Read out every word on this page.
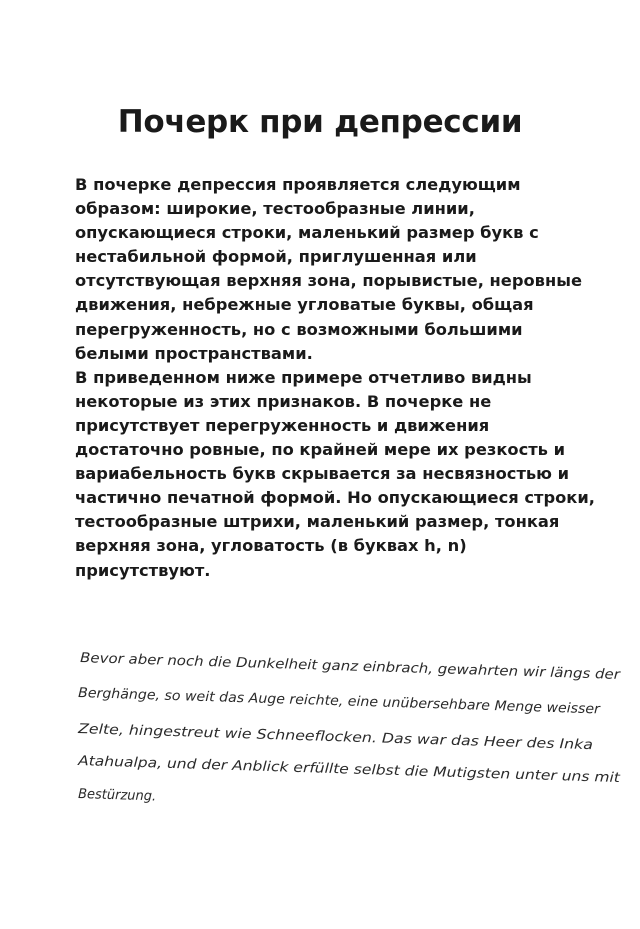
Почерк при депрессии

В почерке депрессия проявляется следующим образом: широкие, тестообразные линии, опускающиеся строки, маленький размер букв с нестабильной формой, приглушенная или отсутствующая верхняя зона, порывистые, неровные движения, небрежные угловатые буквы, общая перегруженность, но с возможными большими белыми пространствами.

В приведенном ниже примере отчетливо видны некоторые из этих признаков. В почерке не присутствует перегруженность и движения достаточно ровные, по крайней мере их резкость и вариабельность букв скрывается за несвязностью и частично печатной формой. Но опускающиеся строки, тестообразные штрихи, маленький размер, тонкая верхняя зона, угловатость (в буквах h, n) присутствуют.

Bevor aber noch die Dunkelheit ganz einbrach, gewahrten wir längs der
Berghänge, so weit das Auge reichte, eine unübersehbare Menge weisser
Zelte, hingestreut wie Schneeflocken. Das war das Heer des Inka
Atahualpa, und der Anblick erfüllte selbst die Mutigsten unter uns mit
Bestürzung.
